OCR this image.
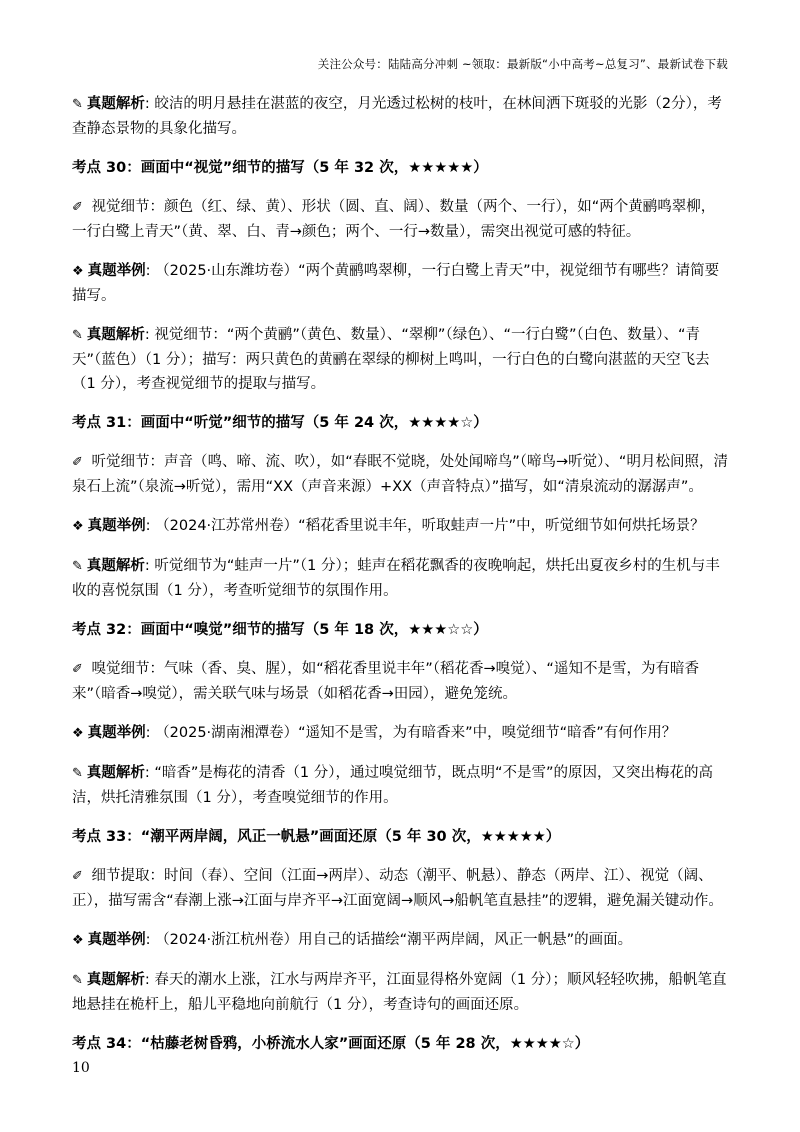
关注公众号：陆陆高分冲刺 ~领取：最新版“小中高考~总复习”、最新试卷下载
✎ 真题解析: 皎洁的明月悬挂在湛蓝的夜空，月光透过松树的枝叶，在林间洒下斑驳的光影（2分），考查静态景物的具象化描写。
考点 30：画面中“视觉”细节的描写（5 年 32 次，★★★★★）
✐ 视觉细节：颜色（红、绿、黄）、形状（圆、直、阔）、数量（两个、一行），如“两个黄鹂鸣翠柳，一行白鹭上青天”（黄、翠、白、青→颜色；两个、一行→数量），需突出视觉可感的特征。
❖ 真题举例: （2025·山东潍坊卷）“两个黄鹂鸣翠柳，一行白鹭上青天”中，视觉细节有哪些？请简要描写。
✎ 真题解析: 视觉细节：“两个黄鹂”（黄色、数量）、“翠柳”（绿色）、“一行白鹭”（白色、数量）、“青天”（蓝色）（1 分）；描写：两只黄色的黄鹂在翠绿的柳树上鸣叫，一行白色的白鹭向湛蓝的天空飞去（1 分），考查视觉细节的提取与描写。
考点 31：画面中“听觉”细节的描写（5 年 24 次，★★★★☆）
✐ 听觉细节：声音（鸣、啼、流、吹），如“春眠不觉晓，处处闻啼鸟”（啼鸟→听觉）、“明月松间照，清泉石上流”（泉流→听觉），需用“XX（声音来源）+XX（声音特点）”描写，如“清泉流动的潺潺声”。
❖ 真题举例: （2024·江苏常州卷）“稻花香里说丰年，听取蛙声一片”中，听觉细节如何烘托场景？
✎ 真题解析: 听觉细节为“蛙声一片”（1 分）；蛙声在稻花飘香的夜晚响起，烘托出夏夜乡村的生机与丰收的喜悦氛围（1 分），考查听觉细节的氛围作用。
考点 32：画面中“嗅觉”细节的描写（5 年 18 次，★★★☆☆）
✐ 嗅觉细节：气味（香、臭、腥），如“稻花香里说丰年”（稻花香→嗅觉）、“遥知不是雪，为有暗香来”（暗香→嗅觉），需关联气味与场景（如稻花香→田园），避免笼统。
❖ 真题举例: （2025·湖南湘潭卷）“遥知不是雪，为有暗香来”中，嗅觉细节“暗香”有何作用？
✎ 真题解析: “暗香”是梅花的清香（1 分），通过嗅觉细节，既点明“不是雪”的原因，又突出梅花的高洁，烘托清雅氛围（1 分），考查嗅觉细节的作用。
考点 33：“潮平两岸阔，风正一帆悬”画面还原（5 年 30 次，★★★★★）
✐ 细节提取：时间（春）、空间（江面→两岸）、动态（潮平、帆悬）、静态（两岸、江）、视觉（阔、正），描写需含“春潮上涨→江面与岸齐平→江面宽阔→顺风→船帆笔直悬挂”的逻辑，避免漏关键动作。
❖ 真题举例: （2024·浙江杭州卷）用自己的话描绘“潮平两岸阔，风正一帆悬”的画面。
✎ 真题解析: 春天的潮水上涨，江水与两岸齐平，江面显得格外宽阔（1 分）；顺风轻轻吹拂，船帆笔直地悬挂在桅杆上，船儿平稳地向前航行（1 分），考查诗句的画面还原。
考点 34：“枯藤老树昏鸦，小桥流水人家”画面还原（5 年 28 次，★★★★☆）
10
